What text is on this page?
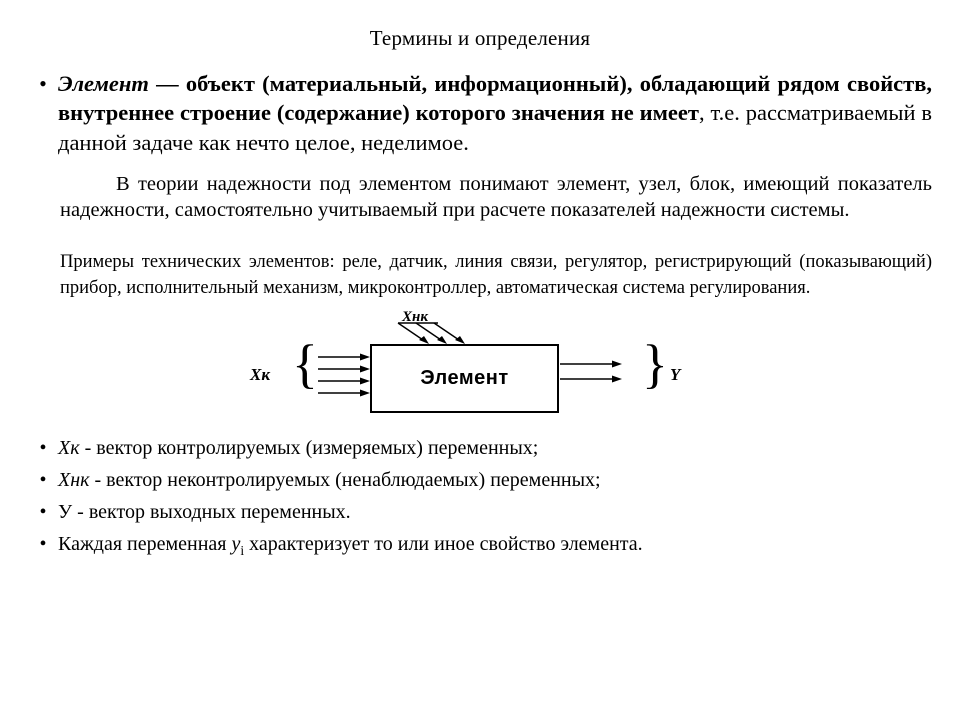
Термины и определения
• Элемент — объект (материальный, информационный), обладающий рядом свойств, внутреннее строение (содержание) которого значения не имеет, т.е. рассматриваемый в данной задаче как нечто целое, неделимое.

В теории надежности под элементом понимают элемент, узел, блок, имеющий показатель надежности, самостоятельно учитываемый при расчете показателей надежности системы.

Примеры технических элементов: реле, датчик, линия связи, регулятор, регистрирующий (показывающий) прибор, исполнительный механизм, микроконтроллер, автоматическая система регулирования.

{	}
Xк
Xнк
Y
Элемент
• Xк - вектор контролируемых (измеряемых) переменных;
• Хнк - вектор неконтролируемых (ненаблюдаемых) переменных;
• У - вектор выходных переменных.
• Каждая переменная $y_i$ характеризует то или иное свойство элемента.
